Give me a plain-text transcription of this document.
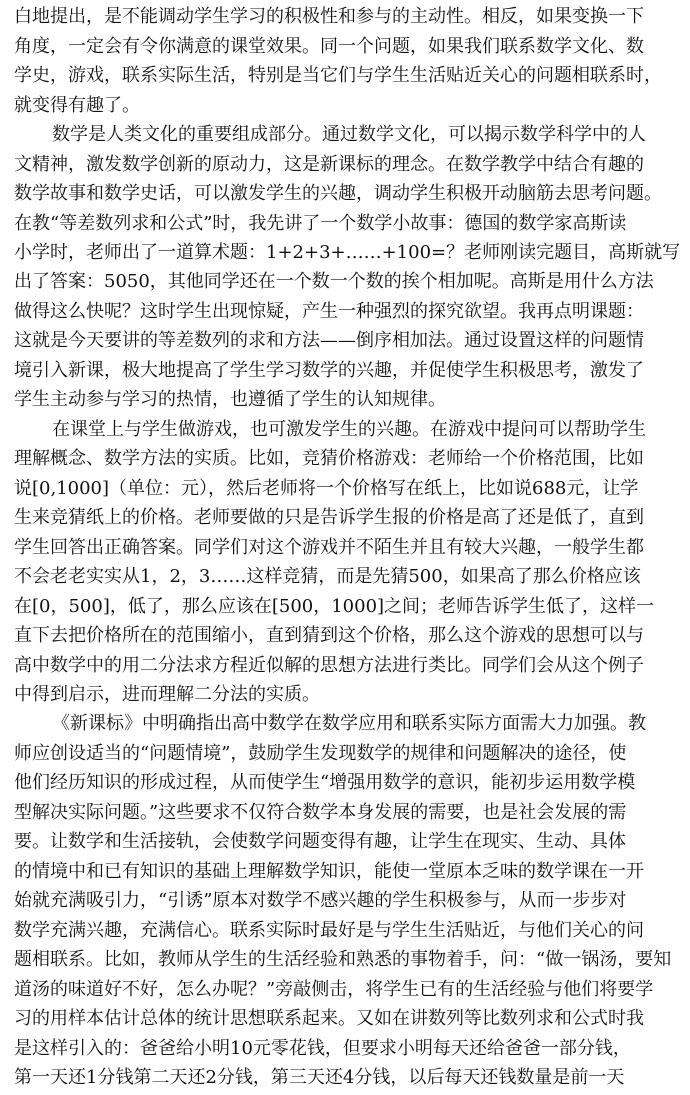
白地提出，是不能调动学生学习的积极性和参与的主动性。相反，如果变换一下
角度，一定会有令你满意的课堂效果。同一个问题，如果我们联系数学文化、数
学史，游戏，联系实际生活，特别是当它们与学生生活贴近关心的问题相联系时，
就变得有趣了。
数学是人类文化的重要组成部分。通过数学文化，可以揭示数学科学中的人
文精神，激发数学创新的原动力，这是新课标的理念。在数学教学中结合有趣的
数学故事和数学史话，可以激发学生的兴趣，调动学生积极开动脑筋去思考问题。
在教“等差数列求和公式”时，我先讲了一个数学小故事：德国的数学家高斯读
小学时，老师出了一道算术题：1+2+3+……+100=？老师刚读完题目，高斯就写
出了答案：5050，其他同学还在一个数一个数的挨个相加呢。高斯是用什么方法
做得这么快呢？这时学生出现惊疑，产生一种强烈的探究欲望。我再点明课题：
这就是今天要讲的等差数列的求和方法——倒序相加法。通过设置这样的问题情
境引入新课，极大地提高了学生学习数学的兴趣，并促使学生积极思考，激发了
学生主动参与学习的热情，也遵循了学生的认知规律。
在课堂上与学生做游戏，也可激发学生的兴趣。在游戏中提问可以帮助学生
理解概念、数学方法的实质。比如，竞猜价格游戏：老师给一个价格范围，比如
说[0,1000]（单位：元），然后老师将一个价格写在纸上，比如说688元，让学
生来竞猜纸上的价格。老师要做的只是告诉学生报的价格是高了还是低了，直到
学生回答出正确答案。同学们对这个游戏并不陌生并且有较大兴趣，一般学生都
不会老老实实从1，2，3……这样竞猜，而是先猜500，如果高了那么价格应该
在[0，500]，低了，那么应该在[500，1000]之间；老师告诉学生低了，这样一
直下去把价格所在的范围缩小，直到猜到这个价格，那么这个游戏的思想可以与
高中数学中的用二分法求方程近似解的思想方法进行类比。同学们会从这个例子
中得到启示，进而理解二分法的实质。
《新课标》中明确指出高中数学在数学应用和联系实际方面需大力加强。教
师应创设适当的“问题情境”，鼓励学生发现数学的规律和问题解决的途径，使
他们经历知识的形成过程，从而使学生“增强用数学的意识，能初步运用数学模
型解决实际问题。”这些要求不仅符合数学本身发展的需要，也是社会发展的需
要。让数学和生活接轨，会使数学问题变得有趣，让学生在现实、生动、具体
的情境中和已有知识的基础上理解数学知识，能使一堂原本乏味的数学课在一开
始就充满吸引力，“引诱”原本对数学不感兴趣的学生积极参与，从而一步步对
数学充满兴趣，充满信心。联系实际时最好是与学生生活贴近，与他们关心的问
题相联系。比如，教师从学生的生活经验和熟悉的事物着手，问：“做一锅汤，要知
道汤的味道好不好，怎么办呢？”旁敲侧击，将学生已有的生活经验与他们将要学
习的用样本估计总体的统计思想联系起来。又如在讲数列等比数列求和公式时我
是这样引入的：爸爸给小明10元零花钱，但要求小明每天还给爸爸一部分钱，
第一天还1分钱第二天还2分钱，第三天还4分钱，以后每天还钱数量是前一天
